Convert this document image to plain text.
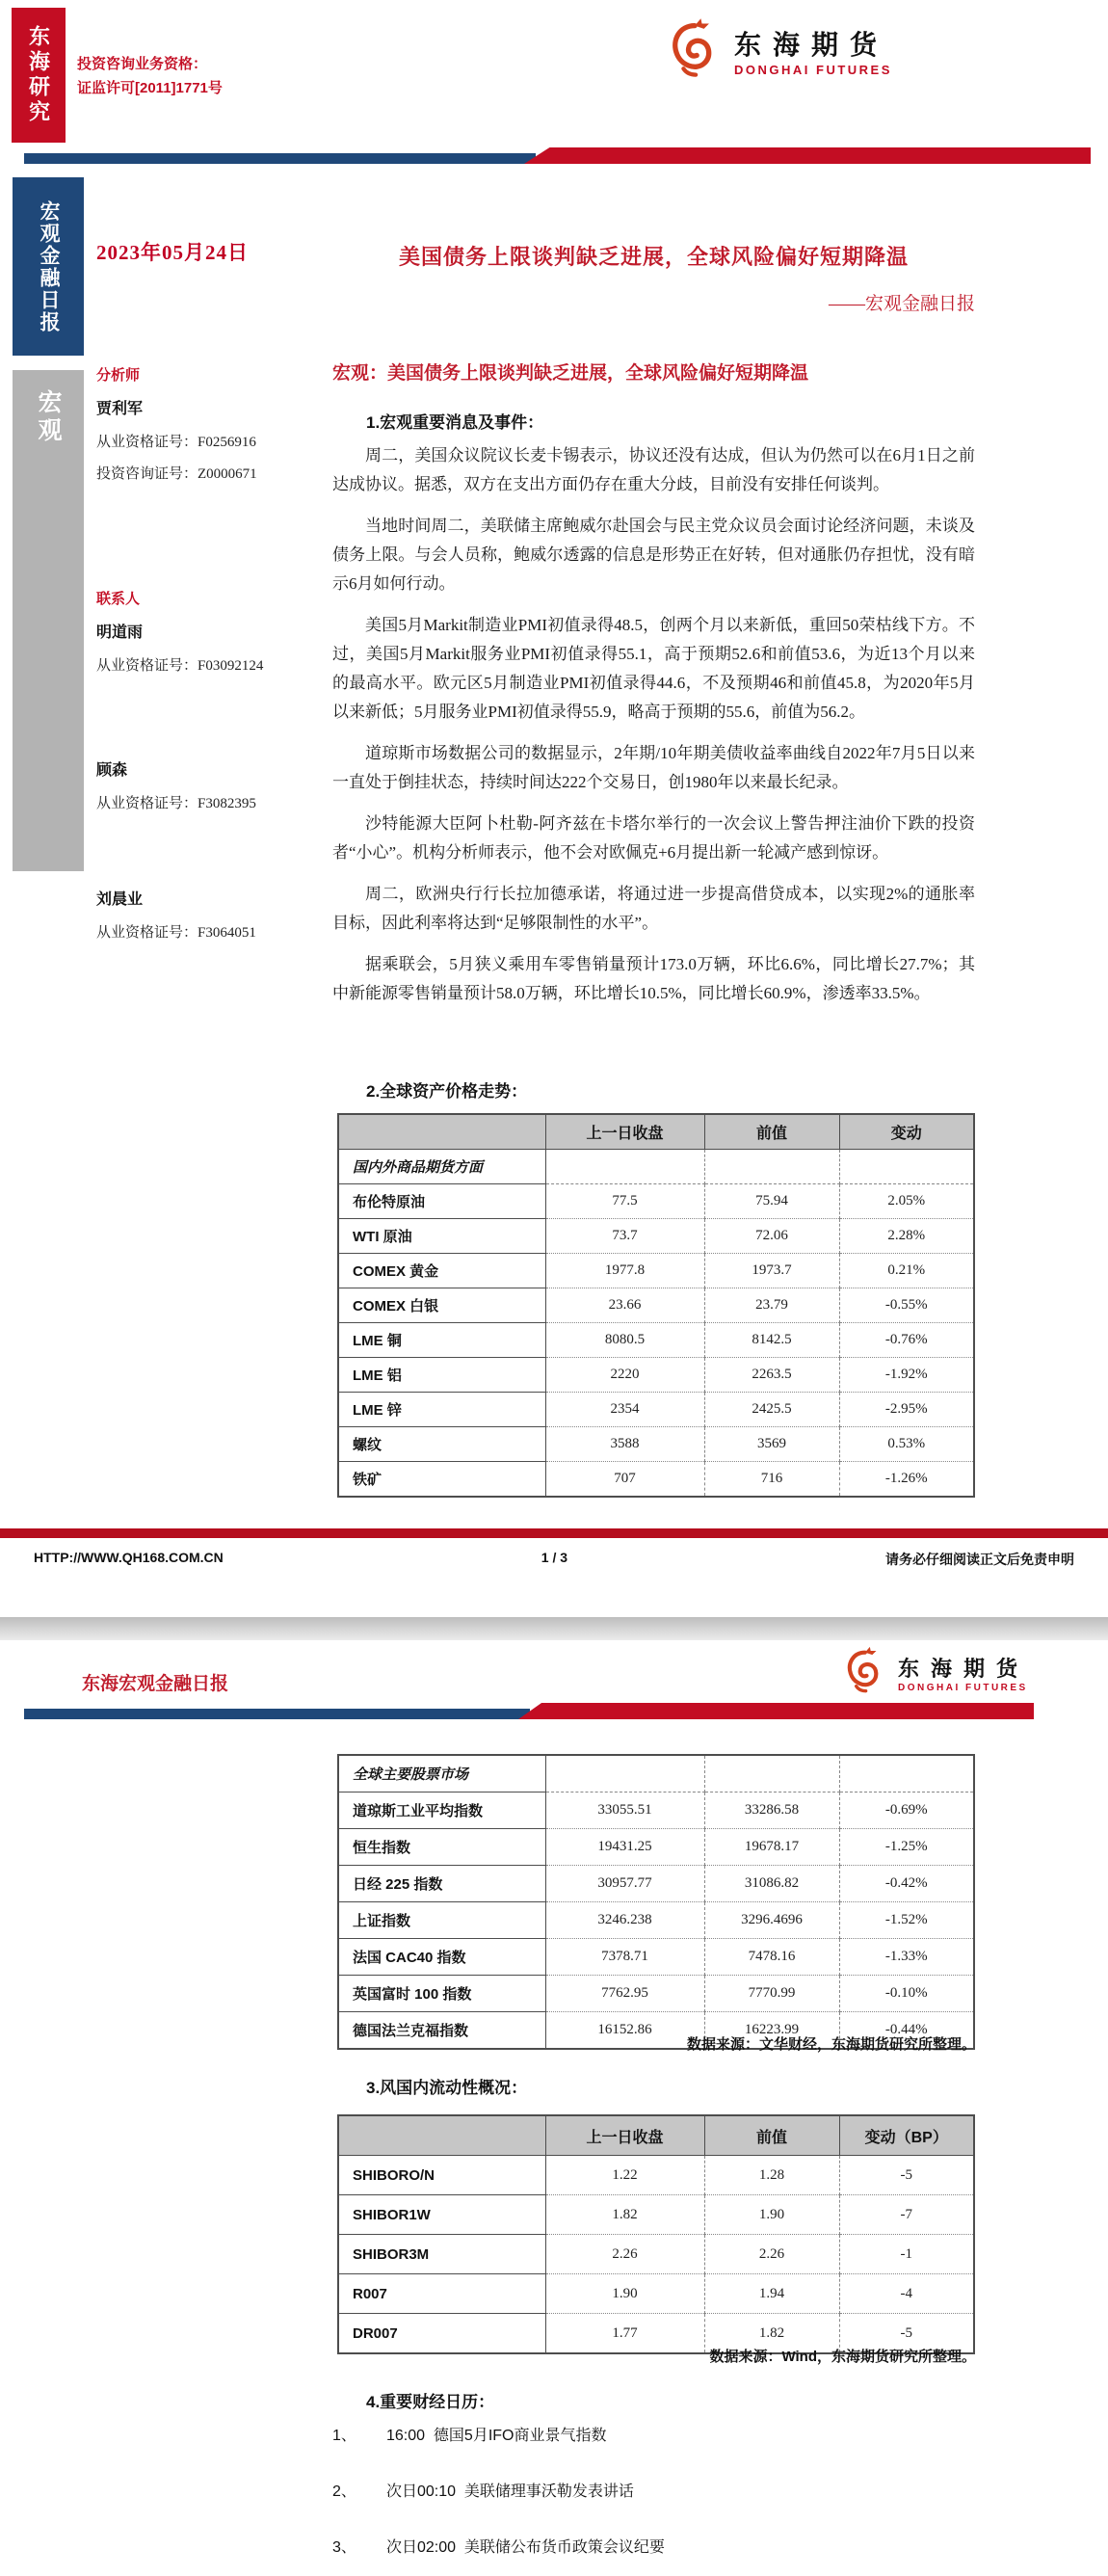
东海研究 投资咨询业务资格：
证监许可[2011]1771号
东海期货
DONGHAI FUTURES
宏观金融日报
宏观
2023年05月24日	美国债务上限谈判缺乏进展，全球风险偏好短期降温
——宏观金融日报
分析师
贾利军
从业资格证号：F0256916
投资咨询证号：Z0000671
联系人
明道雨
从业资格证号：F03092124
顾森
从业资格证号：F3082395
刘晨业
从业资格证号：F3064051
宏观：美国债务上限谈判缺乏进展，全球风险偏好短期降温
1.宏观重要消息及事件：

周二，美国众议院议长麦卡锡表示，协议还没有达成，但认为仍然可以在6月1日之前达成协议。据悉，双方在支出方面仍存在重大分歧，目前没有安排任何谈判。

当地时间周二，美联储主席鲍威尔赴国会与民主党众议员会面讨论经济问题，未谈及债务上限。与会人员称，鲍威尔透露的信息是形势正在好转，但对通胀仍存担忧，没有暗示6月如何行动。

美国5月Markit制造业PMI初值录得48.5，创两个月以来新低，重回50荣枯线下方。不过，美国5月Markit服务业PMI初值录得55.1，高于预期52.6和前值53.6，为近13个月以来的最高水平。欧元区5月制造业PMI初值录得44.6，不及预期46和前值45.8，为2020年5月以来新低；5月服务业PMI初值录得55.9，略高于预期的55.6，前值为56.2。

道琼斯市场数据公司的数据显示，2年期/10年期美债收益率曲线自2022年7月5日以来一直处于倒挂状态，持续时间达222个交易日，创1980年以来最长纪录。

沙特能源大臣阿卜杜勒-阿齐兹在卡塔尔举行的一次会议上警告押注油价下跌的投资者“小心”。机构分析师表示，他不会对欧佩克+6月提出新一轮减产感到惊讶。

周二，欧洲央行行长拉加德承诺，将通过进一步提高借贷成本，以实现2%的通胀率目标，因此利率将达到“足够限制性的水平”。

据乘联会，5月狭义乘用车零售销量预计173.0万辆，环比6.6%，同比增长27.7%；其中新能源零售销量预计58.0万辆，环比增长10.5%，同比增长60.9%，渗透率33.5%。

2.全球资产价格走势：
	上一日收盘	前值	变动
国内外商品期货方面			
布伦特原油	77.5	75.94	2.05%
WTI 原油	73.7	72.06	2.28%
COMEX 黄金	1977.8	1973.7	0.21%
COMEX 白银	23.66	23.79	-0.55%
LME 铜	8080.5	8142.5	-0.76%
LME 铝	2220	2263.5	-1.92%
LME 锌	2354	2425.5	-2.95%
螺纹	3588	3569	0.53%
铁矿	707	716	-1.26%
HTTP://WWW.QH168.COM.CN	1 / 3	请务必仔细阅读正文后免责申明
东海宏观金融日报
东海期货
DONGHAI FUTURES
全球主要股票市场			
道琼斯工业平均指数	33055.51	33286.58	-0.69%
恒生指数	19431.25	19678.17	-1.25%
日经 225 指数	30957.77	31086.82	-0.42%
上证指数	3246.238	3296.4696	-1.52%
法国 CAC40 指数	7378.71	7478.16	-1.33%
英国富时 100 指数	7762.95	7770.99	-0.10%
德国法兰克福指数	16152.86	16223.99	-0.44%
数据来源：文华财经，东海期货研究所整理。
3.风国内流动性概况：
	上一日收盘	前值	变动（BP）
SHIBORO/N	1.22	1.28	-5
SHIBOR1W	1.82	1.90	-7
SHIBOR3M	2.26	2.26	-1
R007	1.90	1.94	-4
DR007	1.77	1.82	-5
数据来源：Wind，东海期货研究所整理。
4.重要财经日历：
1、	16:00  德国5月IFO商业景气指数
2、	次日00:10  美联储理事沃勒发表讲话
3、	次日02:00  美联储公布货币政策会议纪要
